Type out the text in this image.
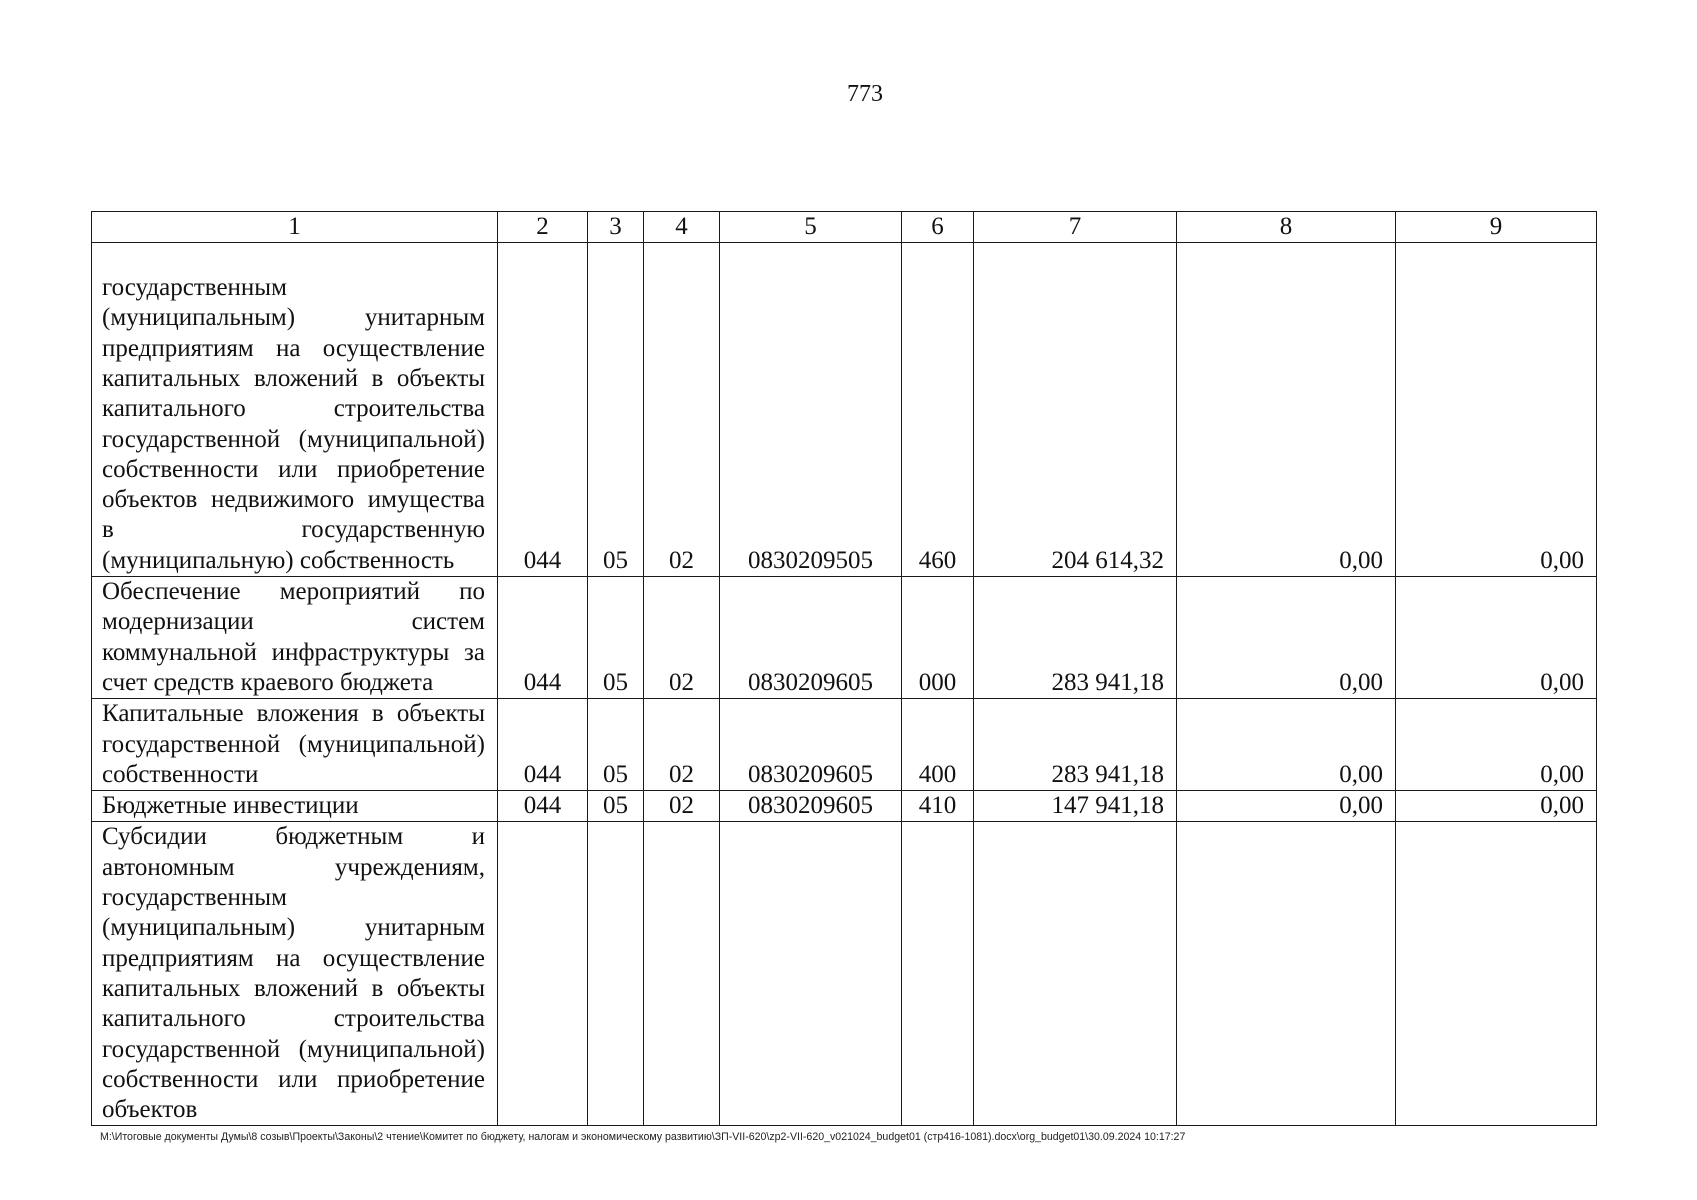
773
1	2	3	4	5	6	7	8	9

государственным (муниципальным) унитарным предприятиям на осуществление капитальных вложений в объекты капитального строительства государственной (муниципальной) собственности или приобретение объектов недвижимого имущества в государственную (муниципальную) собственность	044	05	02	0830209505	460	204 614,32	0,00	0,00

Обеспечение мероприятий по модернизации систем коммунальной инфраструктуры за счет средств краевого бюджета	044	05	02	0830209605	000	283 941,18	0,00	0,00

Капитальные вложения в объекты государственной (муниципальной) собственности	044	05	02	0830209605	400	283 941,18	0,00	0,00

Бюджетные инвестиции	044	05	02	0830209605	410	147 941,18	0,00	0,00

Субсидии бюджетным и автономным учреждениям, государственным (муниципальным) унитарным предприятиям на осуществление капитальных вложений в объекты капитального строительства государственной (муниципальной) собственности или приобретение объектов								

M:\Итоговые документы Думы\8 созыв\Проекты\Законы\2 чтение\Комитет по бюджету, налогам и экономическому развитию\ЗП-VII-620\zp2-VII-620_v021024_budget01 (стр416-1081).docx\org_budget01\30.09.2024 10:17:27
